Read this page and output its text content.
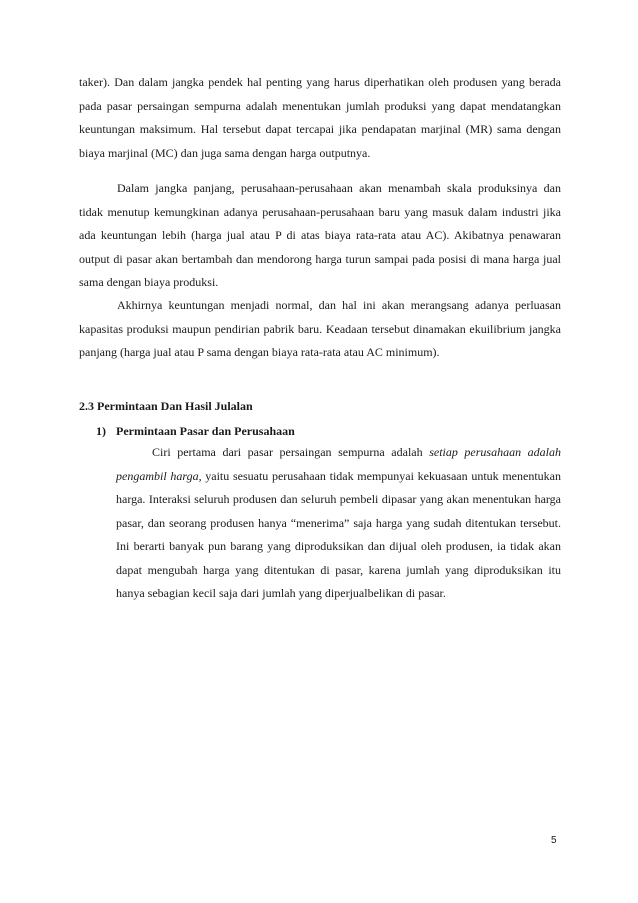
taker). Dan dalam jangka pendek hal penting yang harus diperhatikan oleh produsen yang berada pada pasar persaingan sempurna adalah menentukan jumlah produksi yang dapat mendatangkan keuntungan maksimum. Hal tersebut dapat tercapai jika pendapatan marjinal (MR) sama dengan biaya marjinal (MC) dan juga sama dengan harga outputnya.

Dalam jangka panjang, perusahaan-perusahaan akan menambah skala produksinya dan tidak menutup kemungkinan adanya perusahaan-perusahaan baru yang masuk dalam industri jika ada keuntungan lebih (harga jual atau P di atas biaya rata-rata atau AC). Akibatnya penawaran output di pasar akan bertambah dan mendorong harga turun sampai pada posisi di mana harga jual sama dengan biaya produksi.

Akhirnya keuntungan menjadi normal, dan hal ini akan merangsang adanya perluasan kapasitas produksi maupun pendirian pabrik baru. Keadaan tersebut dinamakan ekuilibrium jangka panjang (harga jual atau P sama dengan biaya rata-rata atau AC minimum).

2.3 Permintaan Dan Hasil Julalan
1) Permintaan Pasar dan Perusahaan

Ciri pertama dari pasar persaingan sempurna adalah setiap perusahaan adalah pengambil harga, yaitu sesuatu perusahaan tidak mempunyai kekuasaan untuk menentukan harga. Interaksi seluruh produsen dan seluruh pembeli dipasar yang akan menentukan harga pasar, dan seorang produsen hanya “menerima” saja harga yang sudah ditentukan tersebut. Ini berarti banyak pun barang yang diproduksikan dan dijual oleh produsen, ia tidak akan dapat mengubah harga yang ditentukan di pasar, karena jumlah yang diproduksikan itu hanya sebagian kecil saja dari jumlah yang diperjualbelikan di pasar.

5
